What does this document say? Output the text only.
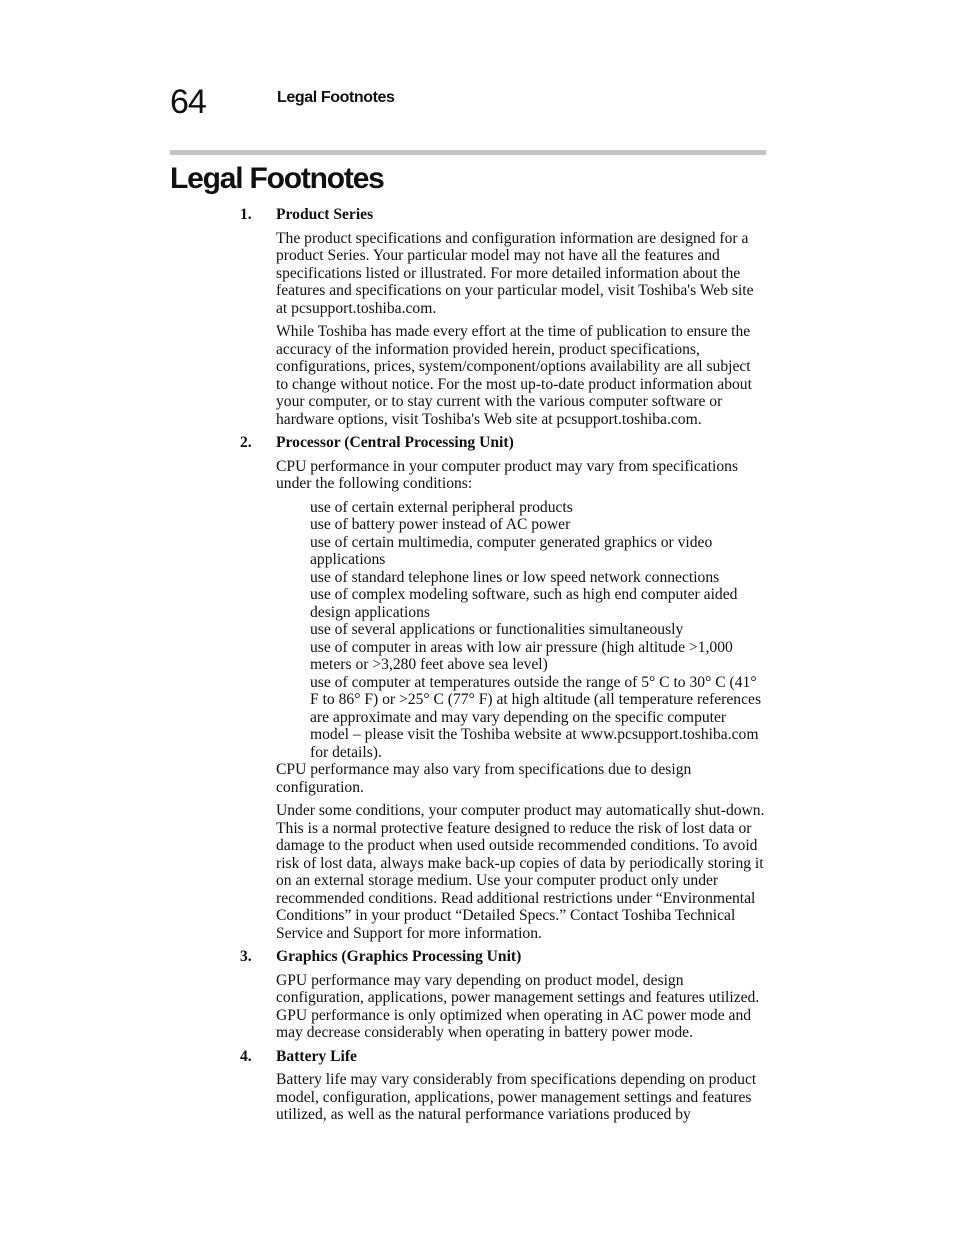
64	Legal Footnotes
Legal Footnotes
1.	Product Series

The product specifications and configuration information are designed for a product Series. Your particular model may not have all the features and specifications listed or illustrated. For more detailed information about the features and specifications on your particular model, visit Toshiba's Web site at pcsupport.toshiba.com.

While Toshiba has made every effort at the time of publication to ensure the accuracy of the information provided herein, product specifications, configurations, prices, system/component/options availability are all subject to change without notice. For the most up-to-date product information about your computer, or to stay current with the various computer software or hardware options, visit Toshiba's Web site at pcsupport.toshiba.com.

2.	Processor (Central Processing Unit)

CPU performance in your computer product may vary from specifications under the following conditions:

use of certain external peripheral products
use of battery power instead of AC power
use of certain multimedia, computer generated graphics or video applications
use of standard telephone lines or low speed network connections
use of complex modeling software, such as high end computer aided design applications
use of several applications or functionalities simultaneously
use of computer in areas with low air pressure (high altitude >1,000 meters or >3,280 feet above sea level)
use of computer at temperatures outside the range of 5° C to 30° C (41° F to 86° F) or >25° C (77° F) at high altitude (all temperature references are approximate and may vary depending on the specific computer model – please visit the Toshiba website at www.pcsupport.toshiba.com for details).

CPU performance may also vary from specifications due to design configuration.

Under some conditions, your computer product may automatically shut-down. This is a normal protective feature designed to reduce the risk of lost data or damage to the product when used outside recommended conditions. To avoid risk of lost data, always make back-up copies of data by periodically storing it on an external storage medium. Use your computer product only under recommended conditions. Read additional restrictions under “Environmental Conditions” in your product “Detailed Specs.” Contact Toshiba Technical Service and Support for more information.

3.	Graphics (Graphics Processing Unit)

GPU performance may vary depending on product model, design configuration, applications, power management settings and features utilized. GPU performance is only optimized when operating in AC power mode and may decrease considerably when operating in battery power mode.

4.	Battery Life

Battery life may vary considerably from specifications depending on product model, configuration, applications, power management settings and features utilized, as well as the natural performance variations produced by
